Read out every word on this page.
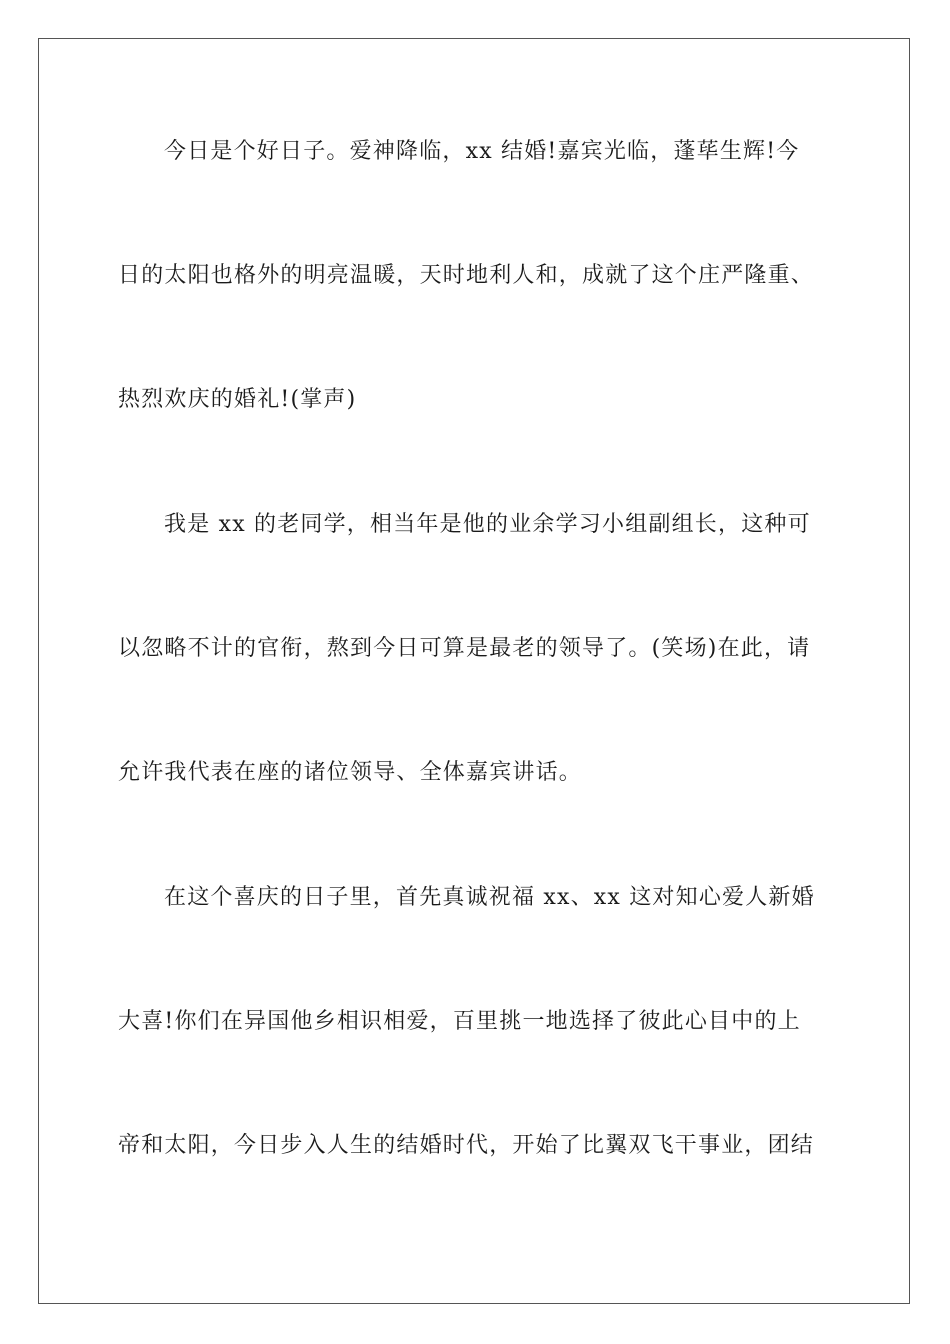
今日是个好日子。爱神降临，xx 结婚!嘉宾光临，蓬荜生辉!今
日的太阳也格外的明亮温暖，天时地利人和，成就了这个庄严隆重、
热烈欢庆的婚礼!(掌声)
我是 xx 的老同学，相当年是他的业余学习小组副组长，这种可
以忽略不计的官衔，熬到今日可算是最老的领导了。(笑场)在此，请
允许我代表在座的诸位领导、全体嘉宾讲话。
在这个喜庆的日子里，首先真诚祝福 xx、xx 这对知心爱人新婚
大喜!你们在异国他乡相识相爱，百里挑一地选择了彼此心目中的上
帝和太阳，今日步入人生的结婚时代，开始了比翼双飞干事业，团结
